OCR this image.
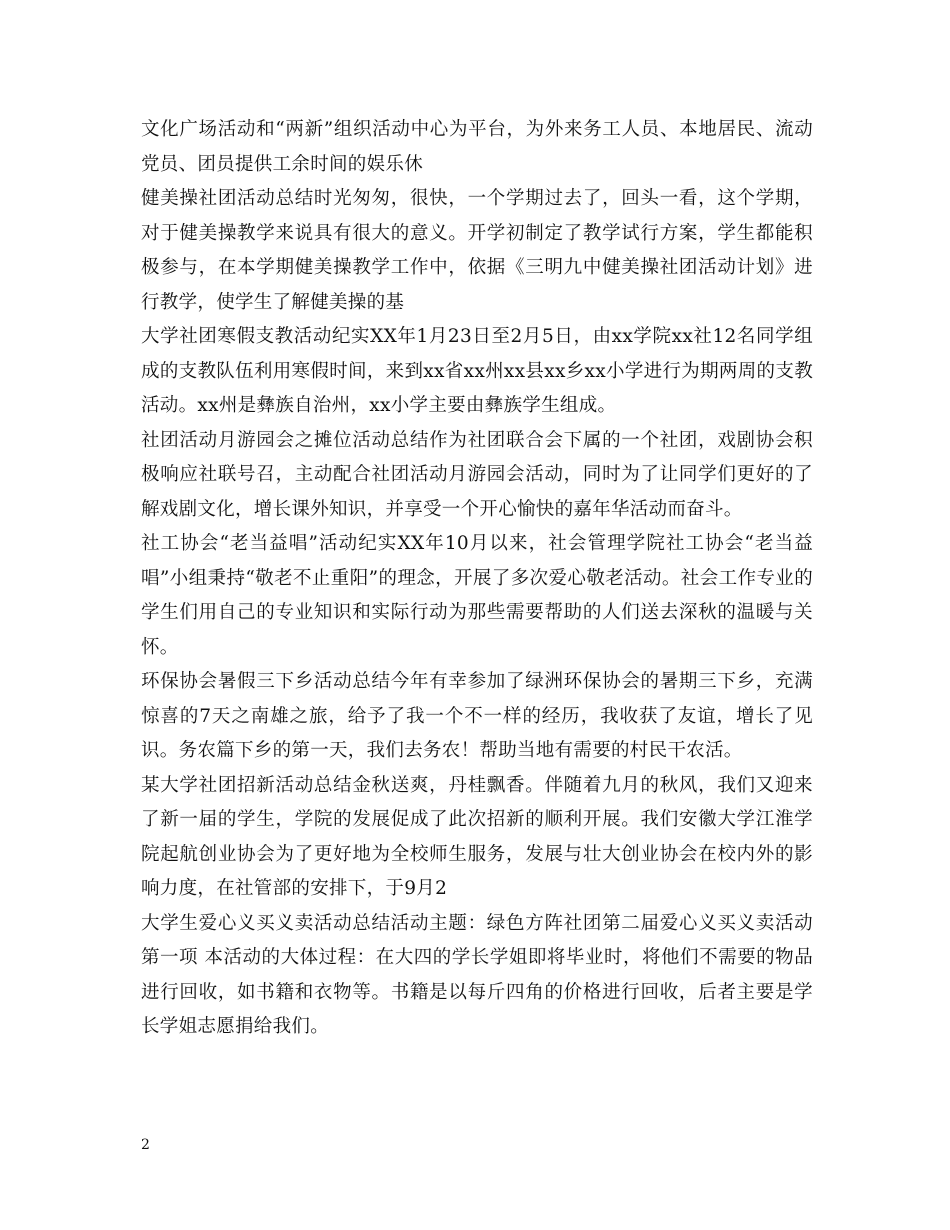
文化广场活动和“两新”组织活动中心为平台，为外来务工人员、本地居民、流动党员、团员提供工余时间的娱乐休

健美操社团活动总结时光匆匆，很快，一个学期过去了，回头一看，这个学期，对于健美操教学来说具有很大的意义。开学初制定了教学试行方案，学生都能积极参与，在本学期健美操教学工作中，依据《三明九中健美操社团活动计划》进行教学，使学生了解健美操的基

大学社团寒假支教活动纪实XX年1月23日至2月5日，由xx学院xx社12名同学组成的支教队伍利用寒假时间，来到xx省xx州xx县xx乡xx小学进行为期两周的支教活动。xx州是彝族自治州，xx小学主要由彝族学生组成。

社团活动月游园会之摊位活动总结作为社团联合会下属的一个社团，戏剧协会积极响应社联号召，主动配合社团活动月游园会活动，同时为了让同学们更好的了解戏剧文化，增长课外知识，并享受一个开心愉快的嘉年华活动而奋斗。

社工协会“老当益唱”活动纪实XX年10月以来，社会管理学院社工协会“老当益唱”小组秉持“敬老不止重阳”的理念，开展了多次爱心敬老活动。社会工作专业的学生们用自己的专业知识和实际行动为那些需要帮助的人们送去深秋的温暖与关怀。

环保协会暑假三下乡活动总结今年有幸参加了绿洲环保协会的暑期三下乡，充满惊喜的7天之南雄之旅，给予了我一个不一样的经历，我收获了友谊，增长了见识。务农篇下乡的第一天，我们去务农！帮助当地有需要的村民干农活。

某大学社团招新活动总结金秋送爽，丹桂飘香。伴随着九月的秋风，我们又迎来了新一届的学生，学院的发展促成了此次招新的顺利开展。我们安徽大学江淮学院起航创业协会为了更好地为全校师生服务，发展与壮大创业协会在校内外的影响力度，在社管部的安排下，于9月2

大学生爱心义买义卖活动总结活动主题：绿色方阵社团第二届爱心义买义卖活动第一项 本活动的大体过程：在大四的学长学姐即将毕业时，将他们不需要的物品进行回收，如书籍和衣物等。书籍是以每斤四角的价格进行回收，后者主要是学长学姐志愿捐给我们。

2
